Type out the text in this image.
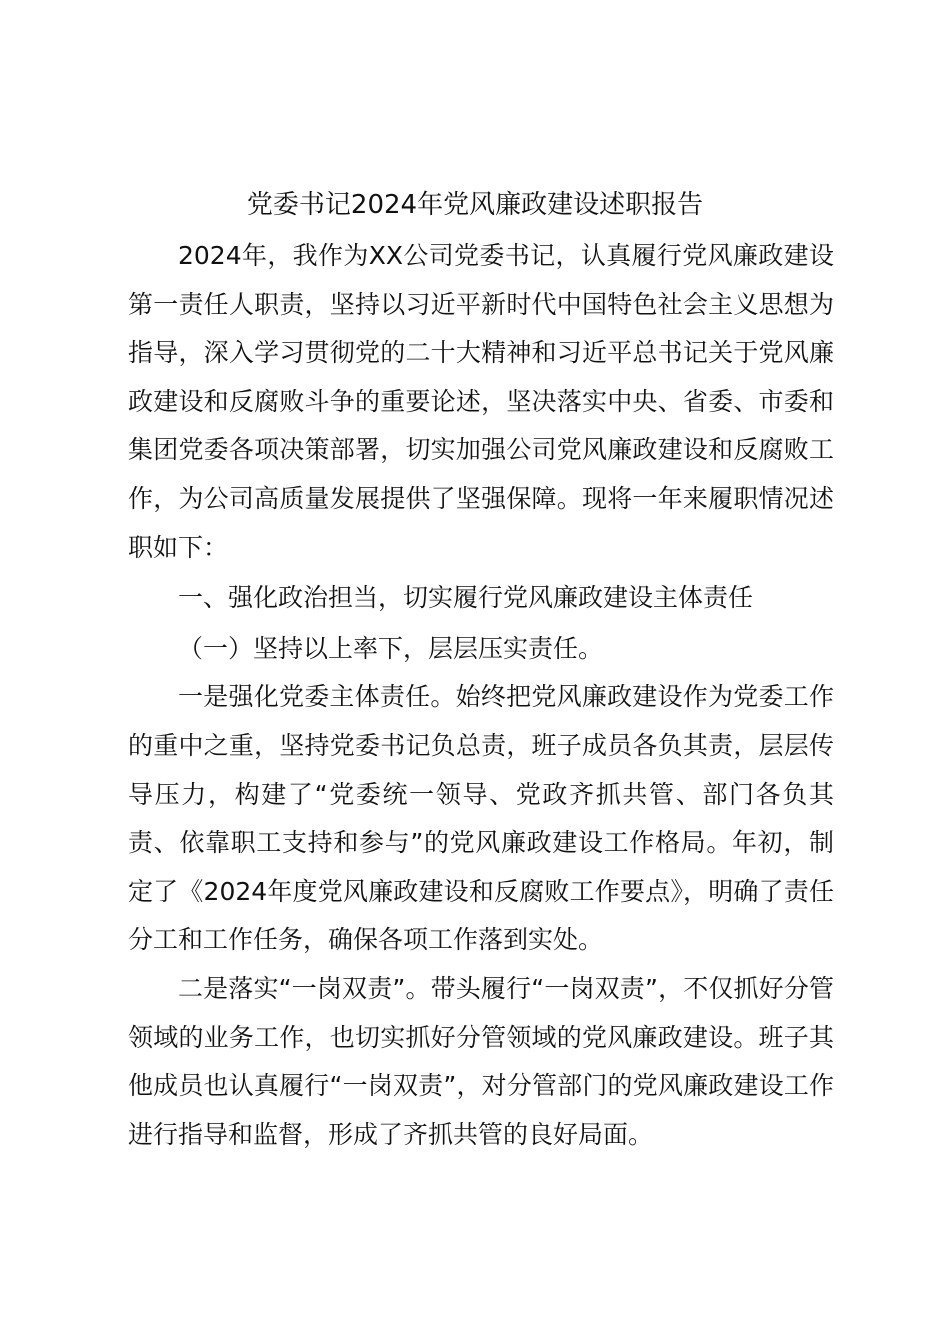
党委书记2024年党风廉政建设述职报告

2024年，我作为XX公司党委书记，认真履行党风廉政建设第一责任人职责，坚持以习近平新时代中国特色社会主义思想为指导，深入学习贯彻党的二十大精神和习近平总书记关于党风廉政建设和反腐败斗争的重要论述，坚决落实中央、省委、市委和集团党委各项决策部署，切实加强公司党风廉政建设和反腐败工作，为公司高质量发展提供了坚强保障。现将一年来履职情况述职如下：

一、强化政治担当，切实履行党风廉政建设主体责任

（一）坚持以上率下，层层压实责任。

一是强化党委主体责任。始终把党风廉政建设作为党委工作的重中之重，坚持党委书记负总责，班子成员各负其责，层层传导压力，构建了“党委统一领导、党政齐抓共管、部门各负其责、依靠职工支持和参与”的党风廉政建设工作格局。年初，制定了《2024年度党风廉政建设和反腐败工作要点》，明确了责任分工和工作任务，确保各项工作落到实处。

二是落实“一岗双责”。带头履行“一岗双责”，不仅抓好分管领域的业务工作，也切实抓好分管领域的党风廉政建设。班子其他成员也认真履行“一岗双责”，对分管部门的党风廉政建设工作进行指导和监督，形成了齐抓共管的良好局面。
